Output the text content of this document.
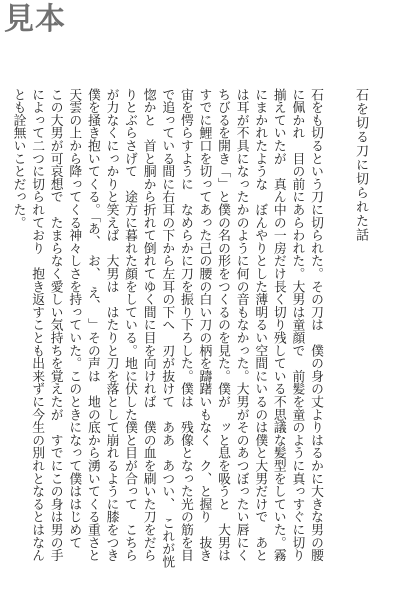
見本
石を切る刀に切られた話

石をも切るという刀に切られた。その刀は　僕の身の丈よりはるかに大きな男の腰に佩かれ　目の前にあらわれた。大男は童顔で　前髪を童のように真っすぐに切り揃えていたが　真ん中の一房だけ長く切り残している不思議な髪型をしていた。霧にまかれたような　ぼんやりとした薄明るい空間にいるのは僕と大男だけで　あとは耳が不具になったかのように何の音もなかった。大男がそのあつぼったい唇にくちびるを開き「」と僕の名の形をつくるのを見た。僕が　ッと息を吸うと　大男はすでに鯉口を切ってあった己の腰の白い刀の柄を躊躇いもなく　ク、と握り　抜き　宙を愕らすように　なめらかに刀を振り下ろした。僕は　残像となった光の筋を目で追っている間に右耳の下から左耳の下へ　刃が抜けて　ああ　あつい、　これが恍惚かと　首と胴から折れて倒れてゆく間に目を向ければ　僕の血を刷いた刀をだらりとぶらさげて　途方に暮れた顔をしている。地に伏した僕と目が合って　こちらが力なくにっかりと笑えば　大男は　はたりと刀を落として崩れるように膝をつき　僕を掻き抱いてくる。「あ、　お、　え、　」その声は　地の底から湧いてくる重さと　天雲の上から降ってくる神々しさを持っていた。このときになって僕ははじめて　この大男が可哀想で　たまらなく愛しい気持ちを覚えたが　すでにこの身は男の手によって二つに切られており　抱き返すことも出来ずに今生の別れとなるとはなんとも詮無いことだった。
